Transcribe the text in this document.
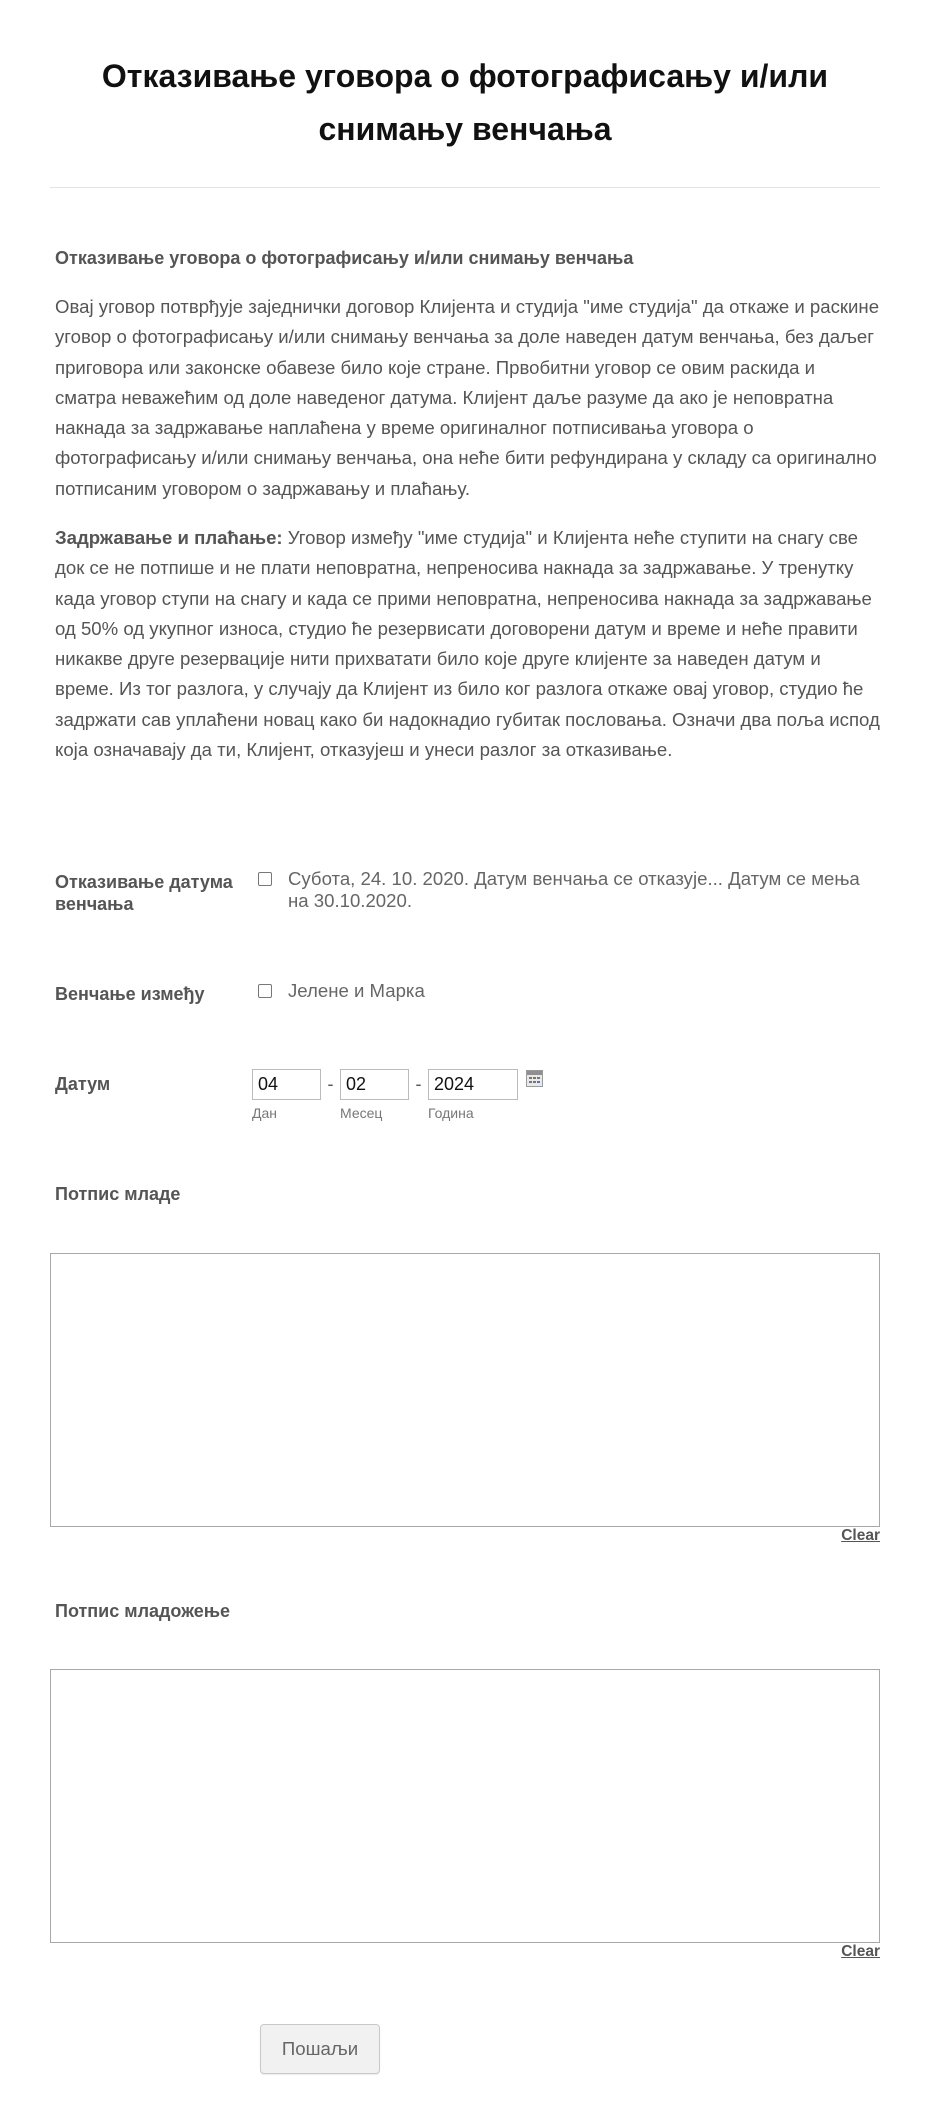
Отказивање уговора о фотографисању и/или снимању венчања
Отказивање уговора о фотографисању и/или снимању венчања
Овај уговор потврђује заједнички договор Клијента и студија "име студија" да откаже и раскине уговор о фотографисању и/или снимању венчања за доле наведен датум венчања, без даљег приговора или законске обавезе било које стране. Првобитни уговор се овим раскида и сматра неважећим од доле наведеног датума. Клијент даље разуме да ако је неповратна накнада за задржавање наплаћена у време оригиналног потписивања уговора о фотографисању и/или снимању венчања, она неће бити рефундирана у складу са оригинално потписаним уговором о задржавању и плаћању.
Задржавање и плаћање: Уговор између "име студија" и Клијента неће ступити на снагу све док се не потпише и не плати неповратна, непреносива накнада за задржавање. У тренутку када уговор ступи на снагу и када се прими неповратна, непреносива накнада за задржавање од 50% од укупног износа, студио ће резервисати договорени датум и време и неће правити никакве друге резервације нити прихватати било које друге клијенте за наведен датум и време. Из тог разлога, у случају да Клијент из било ког разлога откаже овај уговор, студио ће задржати сав уплаћени новац како би надокнадио губитак пословања. Означи два поља испод која означавају да ти, Клијент, отказујеш и унеси разлог за отказивање.
Отказивање датума венчања
Субота, 24. 10. 2020. Датум венчања се отказује... Датум се мења на 30.10.2020.
Венчање између	Јелене и Марка
Датум
04
Дан
-
02
Месец
-
2024
Година
Потпис младе
Clear
Потпис младожење
Clear
Пошаљи
